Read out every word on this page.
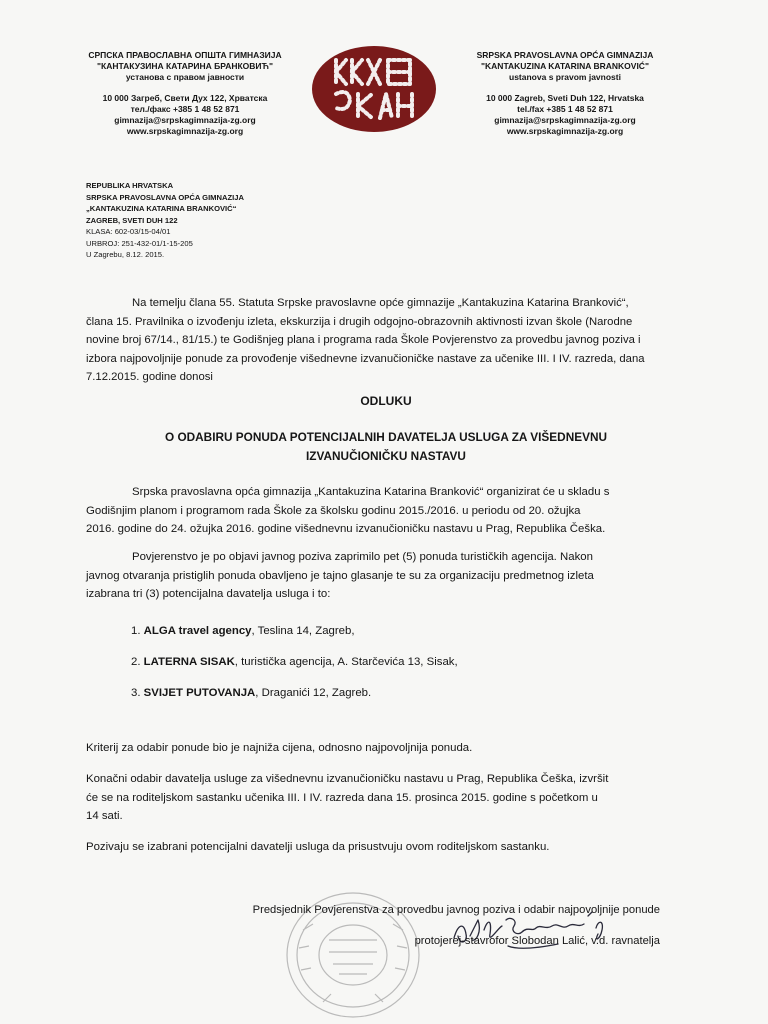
СРПСКА ПРАВОСЛАВНА ОПШТА ГИМНАЗИЈА
"КАНТАКУЗИНА КАТАРИНА БРАНКОВИЋ"
установа с правом јавности
10 000 Загреб, Свети Дух 122, Хрватска
тел./факс +385 1 48 52 871
gimnazija@srpskagimnazija-zg.org
www.srpskagimnazija-zg.org
SRPSKA PRAVOSLAVNA OPĆA GIMNAZIJA
"KANTAKUZINA KATARINA BRANKOVIĆ"
ustanova s pravom javnosti
10 000 Zagreb, Sveti Duh 122, Hrvatska
tel./fax +385 1 48 52 871
gimnazija@srpskagimnazija-zg.org
www.srpskagimnazija-zg.org
REPUBLIKA HRVATSKA
SRPSKA PRAVOSLAVNA OPĆA GIMNAZIJA
„KANTAKUZINA KATARINA BRANKOVIĆ“
ZAGREB, SVETI DUH 122
KLASA: 602-03/15-04/01
URBROJ: 251-432-01/1-15-205
U Zagrebu, 8.12. 2015.
Na temelju člana 55. Statuta Srpske pravoslavne opće gimnazije „Kantakuzina Katarina Branković“,
člana 15. Pravilnika o izvođenju izleta, ekskurzija i drugih odgojno-obrazovnih aktivnosti izvan škole (Narodne
novine broj 67/14., 81/15.) te Godišnjeg plana i programa rada Škole Povjerenstvo za provedbu javnog poziva i
izbora najpovoljnije ponude za provođenje višednevne izvanučioničke nastave za učenike III. I IV. razreda, dana
7.12.2015. godine donosi
ODLUKU
O ODABIRU PONUDA POTENCIJALNIH DAVATELJA USLUGA ZA VIŠEDNEVNU
IZVANUČIONIČKU NASTAVU
Srpska pravoslavna opća gimnazija „Kantakuzina Katarina Branković“ organizirat će u skladu s
Godišnjim planom i programom rada Škole za školsku godinu 2015./2016. u periodu od 20. ožujka
2016. godine do 24. ožujka 2016. godine višednevnu izvanučioničku nastavu u Prag, Republika Češka.
Povjerenstvo je po objavi javnog poziva zaprimilo pet (5) ponuda turističkih agencija. Nakon
javnog otvaranja pristiglih ponuda obavljeno je tajno glasanje te su za organizaciju predmetnog izleta
izabrana tri (3) potencijalna davatelja usluga i to:
1. ALGA travel agency, Teslina 14, Zagreb,
2. LATERNA SISAK, turistička agencija, A. Starčevića 13, Sisak,
3. SVIJET PUTOVANJA, Draganići 12, Zagreb.
Kriterij za odabir ponude bio je najniža cijena, odnosno najpovoljnija ponuda.
Konačni odabir davatelja usluge za višednevnu izvanučioničku nastavu u Prag, Republika Češka, izvršit
će se na roditeljskom sastanku učenika III. I IV. razreda dana 15. prosinca 2015. godine s početkom u
14 sati.
Pozivaju se izabrani potencijalni davatelji usluga da prisustvuju ovom roditeljskom sastanku.
Predsjednik Povjerenstva za provedbu javnog poziva i odabir najpovoljnije ponude
protojerej-stavrofor Slobodan Lalić, v.d. ravnatelja
